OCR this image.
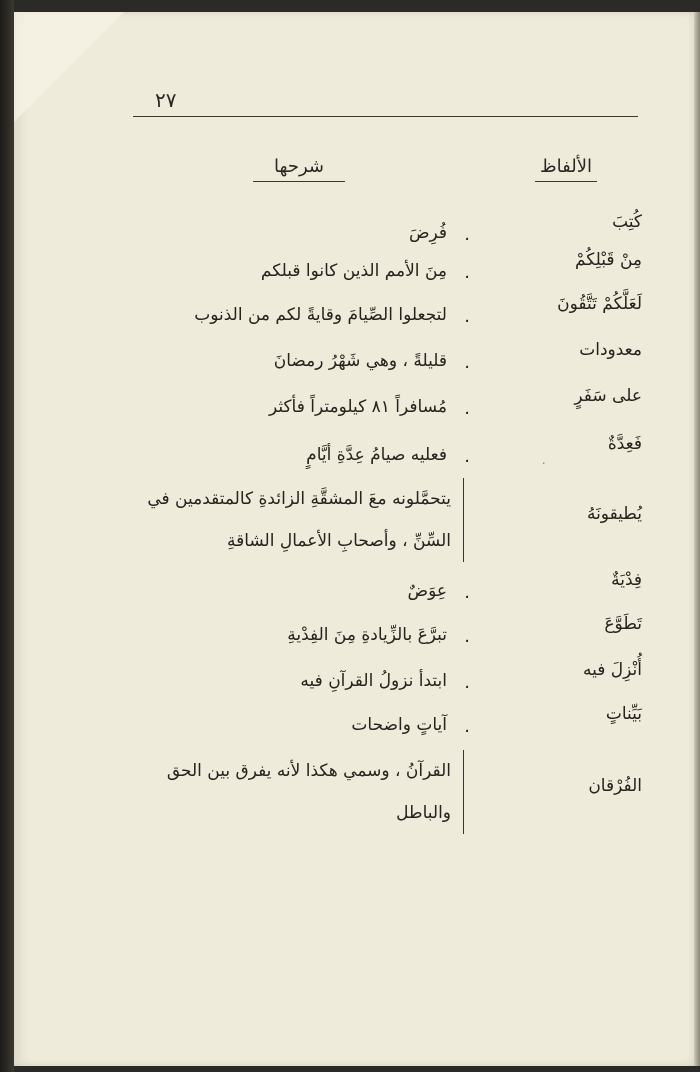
٢٧
الألفاظ
شرحها
.
كُتِبَ
.
فُرِضَ
مِنْ قَبْلِكُمْ
.
مِنَ الأمم الذين كانوا قبلكم
لَعَلَّكُمْ تَتَّقُونَ
.
لتجعلوا الصِّيامَ وقايةً لكم من الذنوب
معدودات
.
قليلةً ، وهي شَهْرُ رمضانَ
على سَفَرٍ
.
مُسافراً ٨١ كيلومتراً فأكثر
فَعِدَّةٌ
.
فعليه صيامُ عِدَّةِ أيَّامٍ
يُطيقونَهُ
يتحمَّلونه معَ المشقَّةِ الزائدةِ كالمتقدمين في السِّنِّ ، وأصحابِ الأعمالِ الشاقةِ
فِدْيَةٌ
.
عِوَضٌ
تَطَوَّعَ
.
تبرَّعَ بالزِّيادةِ مِنَ الفِدْيةِ
أُنْزِلَ فيه
.
ابتدأ نزولُ القرآنِ فيه
بَيِّناتٍ
.
آياتٍ واضحات
الفُرْقان
القرآنُ ، وسمي هكذا لأنه يفرق بين الحق والباطل
